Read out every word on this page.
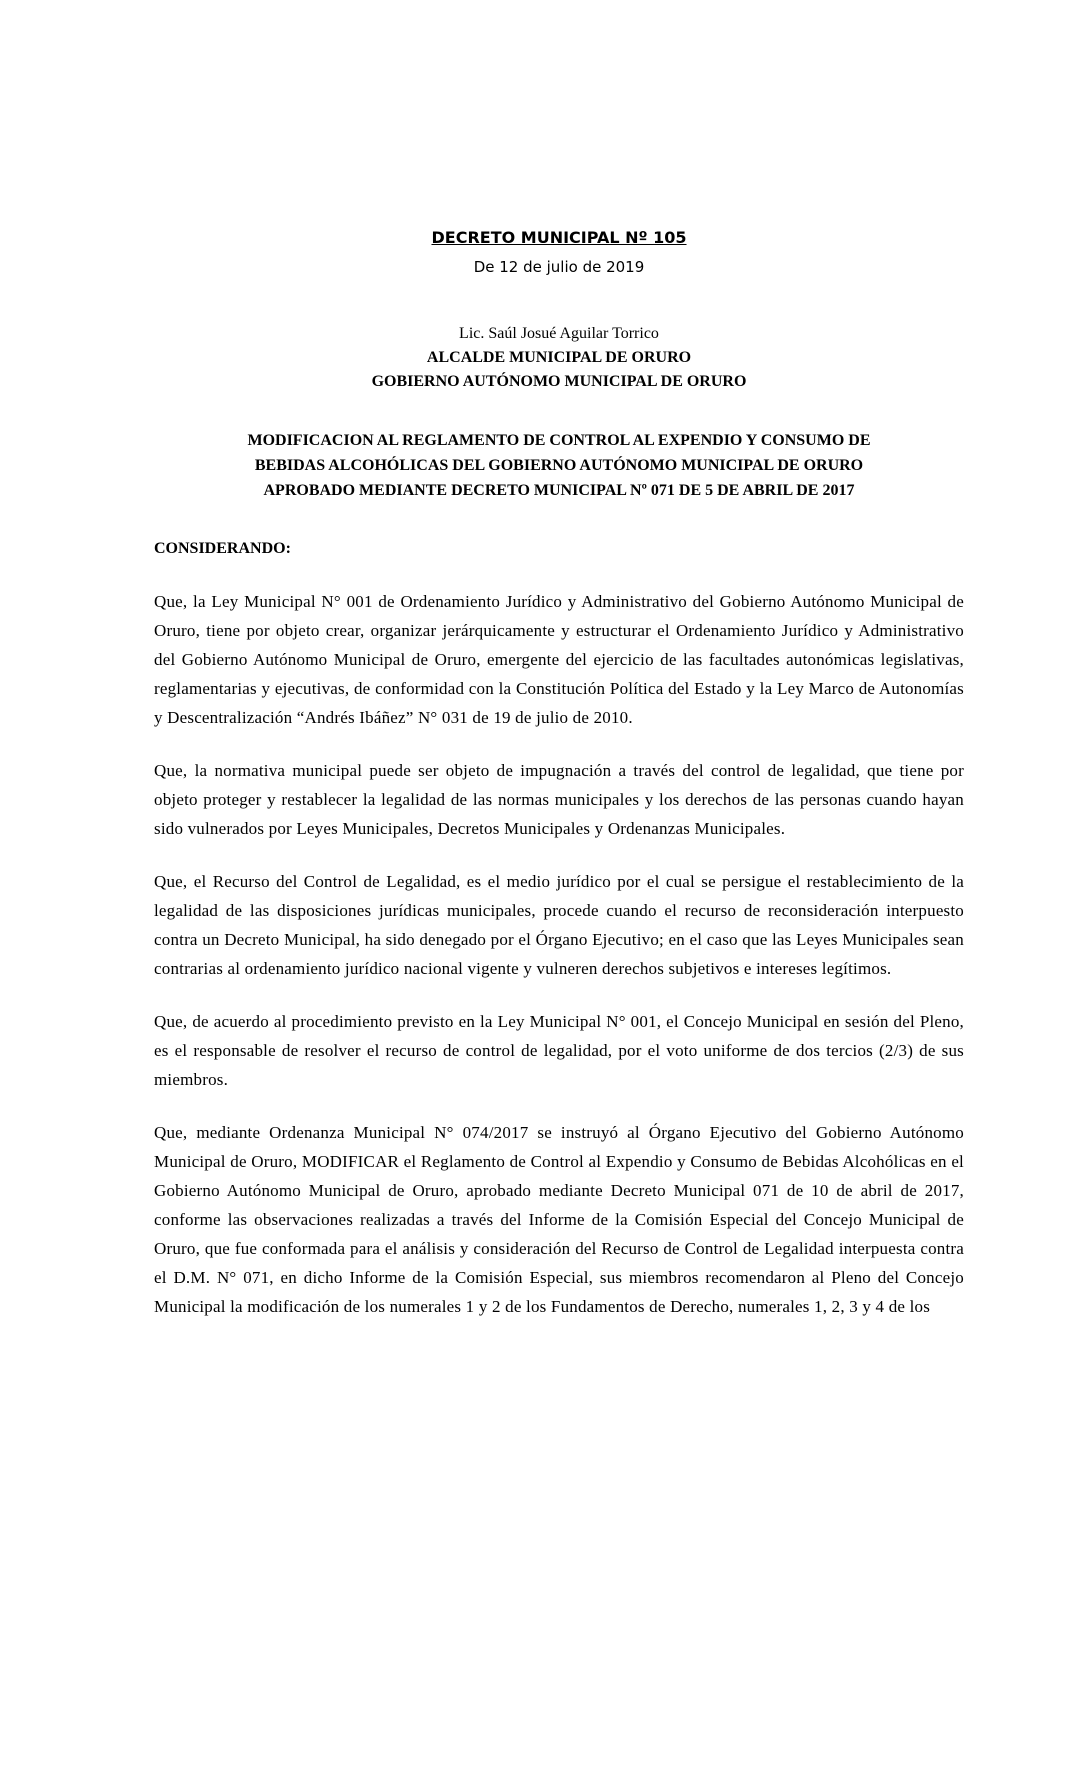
DECRETO MUNICIPAL Nº 105
De 12 de julio de 2019
Lic. Saúl Josué Aguilar Torrico
ALCALDE MUNICIPAL DE ORURO
GOBIERNO AUTÓNOMO MUNICIPAL DE ORURO
MODIFICACION AL REGLAMENTO DE CONTROL AL EXPENDIO Y CONSUMO DE
BEBIDAS ALCOHÓLICAS DEL GOBIERNO AUTÓNOMO MUNICIPAL DE ORURO
APROBADO MEDIANTE DECRETO MUNICIPAL Nº 071 DE 5 DE ABRIL DE 2017
CONSIDERANDO:

Que, la Ley Municipal N° 001 de Ordenamiento Jurídico y Administrativo del Gobierno Autónomo Municipal de Oruro, tiene por objeto crear, organizar jerárquicamente y estructurar el Ordenamiento Jurídico y Administrativo del Gobierno Autónomo Municipal de Oruro, emergente del ejercicio de las facultades autonómicas legislativas, reglamentarias y ejecutivas, de conformidad con la Constitución Política del Estado y la Ley Marco de Autonomías y Descentralización “Andrés Ibáñez” N° 031 de 19 de julio de 2010.

Que, la normativa municipal puede ser objeto de impugnación a través del control de legalidad, que tiene por objeto proteger y restablecer la legalidad de las normas municipales y los derechos de las personas cuando hayan sido vulnerados por Leyes Municipales, Decretos Municipales y Ordenanzas Municipales.

Que, el Recurso del Control de Legalidad, es el medio jurídico por el cual se persigue el restablecimiento de la legalidad de las disposiciones jurídicas municipales, procede cuando el recurso de reconsideración interpuesto contra un Decreto Municipal, ha sido denegado por el Órgano Ejecutivo; en el caso que las Leyes Municipales sean contrarias al ordenamiento jurídico nacional vigente y vulneren derechos subjetivos e intereses legítimos.

Que, de acuerdo al procedimiento previsto en la Ley Municipal N° 001, el Concejo Municipal en sesión del Pleno, es el responsable de resolver el recurso de control de legalidad, por el voto uniforme de dos tercios (2/3) de sus miembros.

Que, mediante Ordenanza Municipal N° 074/2017 se instruyó al Órgano Ejecutivo del Gobierno Autónomo Municipal de Oruro, MODIFICAR el Reglamento de Control al Expendio y Consumo de Bebidas Alcohólicas en el Gobierno Autónomo Municipal de Oruro, aprobado mediante Decreto Municipal 071 de 10 de abril de 2017, conforme las observaciones realizadas a través del Informe de la Comisión Especial del Concejo Municipal de Oruro, que fue conformada para el análisis y consideración del Recurso de Control de Legalidad interpuesta contra el D.M. N° 071, en dicho Informe de la Comisión Especial, sus miembros recomendaron al Pleno del Concejo Municipal la modificación de los numerales 1 y 2 de los Fundamentos de Derecho, numerales 1, 2, 3 y 4 de los
